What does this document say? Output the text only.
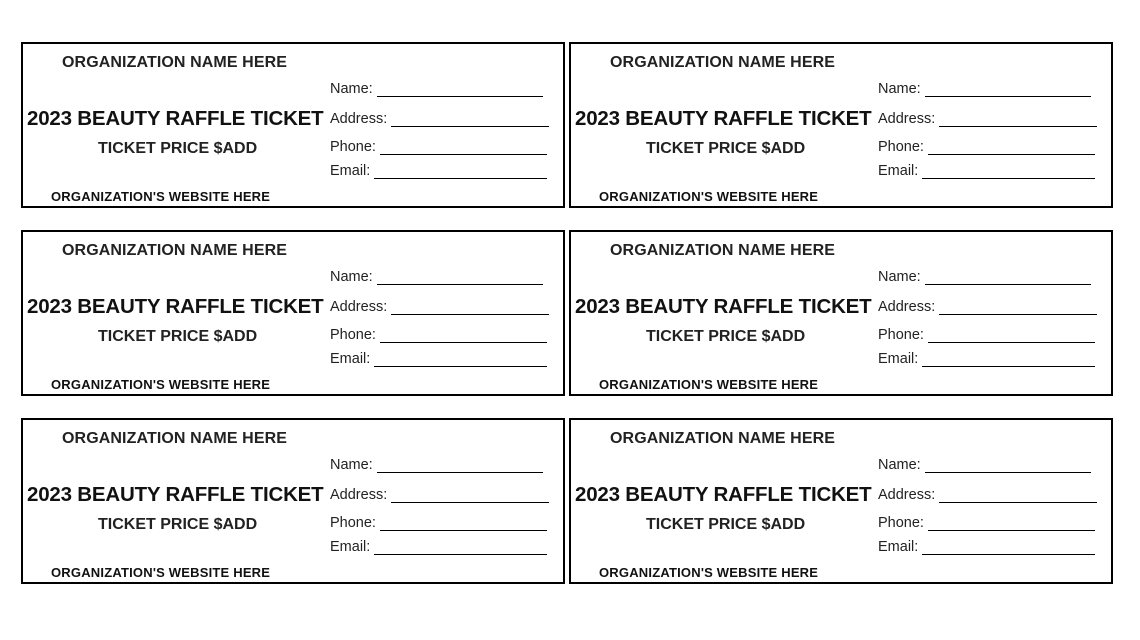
ORGANIZATION NAME HERE
2023 BEAUTY RAFFLE TICKET
TICKET PRICE $ADD
ORGANIZATION'S WEBSITE HERE
Name:
Address:
Phone:
Email:
ORGANIZATION NAME HERE
2023 BEAUTY RAFFLE TICKET
TICKET PRICE $ADD
ORGANIZATION'S WEBSITE HERE
Name:
Address:
Phone:
Email:
ORGANIZATION NAME HERE
2023 BEAUTY RAFFLE TICKET
TICKET PRICE $ADD
ORGANIZATION'S WEBSITE HERE
Name:
Address:
Phone:
Email:
ORGANIZATION NAME HERE
2023 BEAUTY RAFFLE TICKET
TICKET PRICE $ADD
ORGANIZATION'S WEBSITE HERE
Name:
Address:
Phone:
Email:
ORGANIZATION NAME HERE
2023 BEAUTY RAFFLE TICKET
TICKET PRICE $ADD
ORGANIZATION'S WEBSITE HERE
Name:
Address:
Phone:
Email:
ORGANIZATION NAME HERE
2023 BEAUTY RAFFLE TICKET
TICKET PRICE $ADD
ORGANIZATION'S WEBSITE HERE
Name:
Address:
Phone:
Email:
